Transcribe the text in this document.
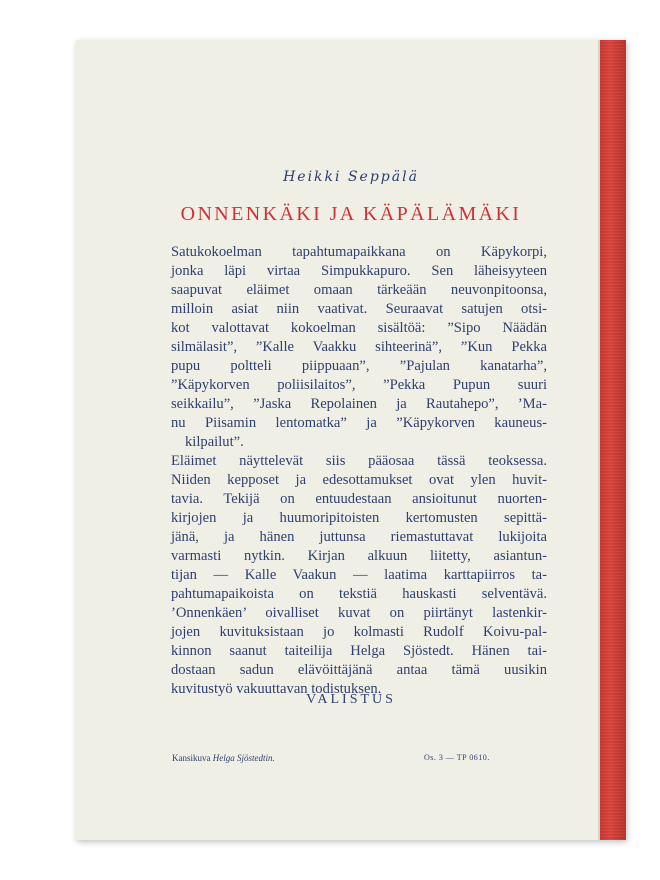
Heikki Seppälä
ONNENKÄKI JA KÄPÄLÄMÄKI
Satukokoelman tapahtumapaikkana on Käpykorpi,
jonka läpi virtaa Simpukkapuro. Sen läheisyyteen
saapuvat eläimet omaan tärkeään neuvonpitoonsa,
milloin asiat niin vaativat. Seuraavat satujen otsi-
kot valottavat kokoelman sisältöä: ”Sipo Näädän
silmälasit”, ”Kalle Vaakku sihteerinä”, ”Kun Pekka
pupu poltteli piippuaan”, ”Pajulan kanatarha”,
”Käpykorven poliisilaitos”, ”Pekka Pupun suuri
seikkailu”, ”Jaska Repolainen ja Rautahepo”, ’Ma-
nu Piisamin lentomatka” ja ”Käpykorven kauneus-
kilpailut”.
Eläimet näyttelevät siis pääosaa tässä teoksessa.
Niiden kepposet ja edesottamukset ovat ylen huvit-
tavia. Tekijä on entuudestaan ansioitunut nuorten-
kirjojen ja huumoripitoisten kertomusten sepittä-
jänä, ja hänen juttunsa riemastuttavat lukijoita
varmasti nytkin. Kirjan alkuun liitetty, asiantun-
tijan — Kalle Vaakun — laatima karttapiirros ta-
pahtumapaikoista on tekstiä hauskasti selventävä.
’Onnenkäen’ oivalliset kuvat on piirtänyt lastenkir-
jojen kuvituksistaan jo kolmasti Rudolf Koivu-pal-
kinnon saanut taiteilija Helga Sjöstedt. Hänen tai-
dostaan sadun elävöittäjänä antaa tämä uusikin
kuvitustyö vakuuttavan todistuksen.
VALISTUS
Kansikuva Helga Sjöstedtin.	Os. 3 — TP 0610.
